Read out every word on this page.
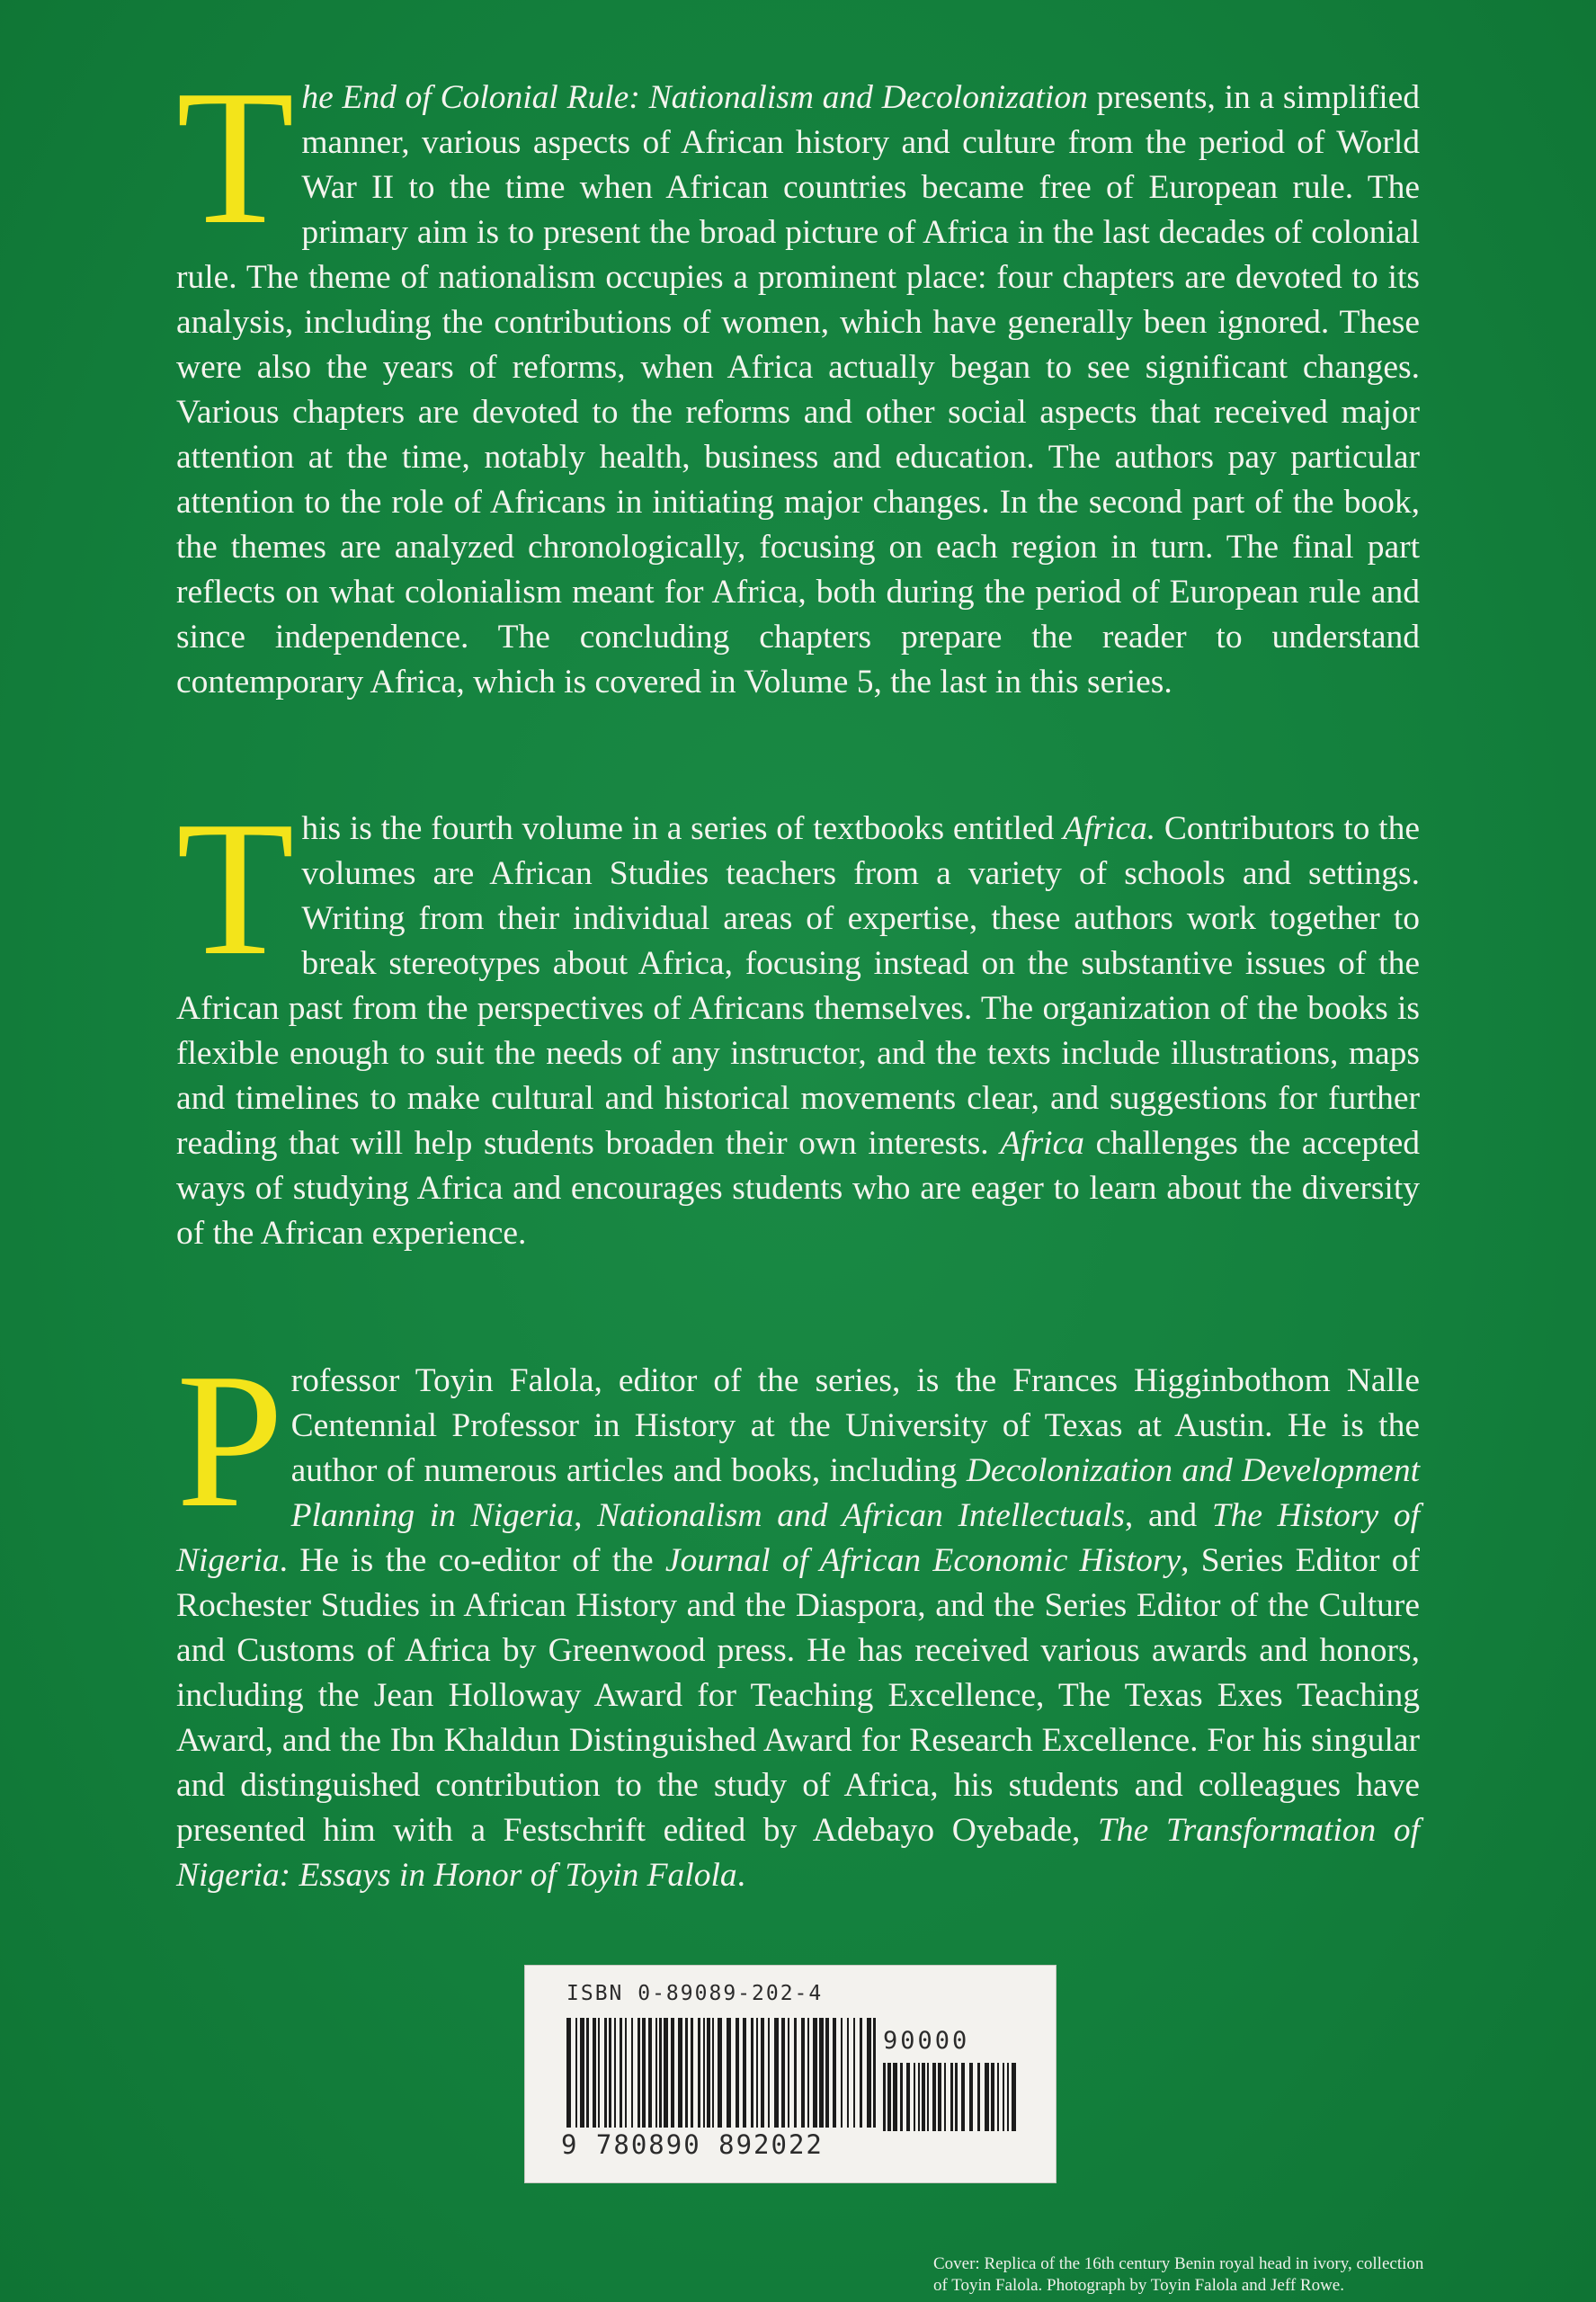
T he End of Colonial Rule: Nationalism and Decolonization presents, in a simplified manner, various aspects of African history and culture from the period of World War II to the time when African countries became free of European rule. The primary aim is to present the broad picture of Africa in the last decades of colonial rule. The theme of nationalism occupies a prominent place: four chapters are devoted to its analysis, including the contributions of women, which have generally been ignored. These were also the years of reforms, when Africa actually began to see significant changes. Various chapters are devoted to the reforms and other social aspects that received major attention at the time, notably health, business and education. The authors pay particular attention to the role of Africans in initiating major changes. In the second part of the book, the themes are analyzed chronologically, focusing on each region in turn. The final part reflects on what colonialism meant for Africa, both during the period of European rule and since independence. The concluding chapters prepare the reader to understand contemporary Africa, which is covered in Volume 5, the last in this series.

T his is the fourth volume in a series of textbooks entitled Africa. Contributors to the volumes are African Studies teachers from a variety of schools and settings. Writing from their individual areas of expertise, these authors work together to break stereotypes about Africa, focusing instead on the substantive issues of the African past from the perspectives of Africans themselves. The organization of the books is flexible enough to suit the needs of any instructor, and the texts include illustrations, maps and timelines to make cultural and historical movements clear, and suggestions for further reading that will help students broaden their own interests. Africa challenges the accepted ways of studying Africa and encourages students who are eager to learn about the diversity of the African experience.

P rofessor Toyin Falola, editor of the series, is the Frances Higginbothom Nalle Centennial Professor in History at the University of Texas at Austin. He is the author of numerous articles and books, including Decolonization and Development Planning in Nigeria, Nationalism and African Intellectuals, and The History of Nigeria. He is the co-editor of the Journal of African Economic History, Series Editor of Rochester Studies in African History and the Diaspora, and the Series Editor of the Culture and Customs of Africa by Greenwood press. He has received various awards and honors, including the Jean Holloway Award for Teaching Excellence, The Texas Exes Teaching Award, and the Ibn Khaldun Distinguished Award for Research Excellence. For his singular and distinguished contribution to the study of Africa, his students and colleagues have presented him with a Festschrift edited by Adebayo Oyebade, The Transformation of Nigeria: Essays in Honor of Toyin Falola.

ISBN 0-89089-202-4
90000
9 780890 892022
Cover: Replica of the 16th century Benin royal head in ivory, collection
of Toyin Falola. Photograph by Toyin Falola and Jeff Rowe.
